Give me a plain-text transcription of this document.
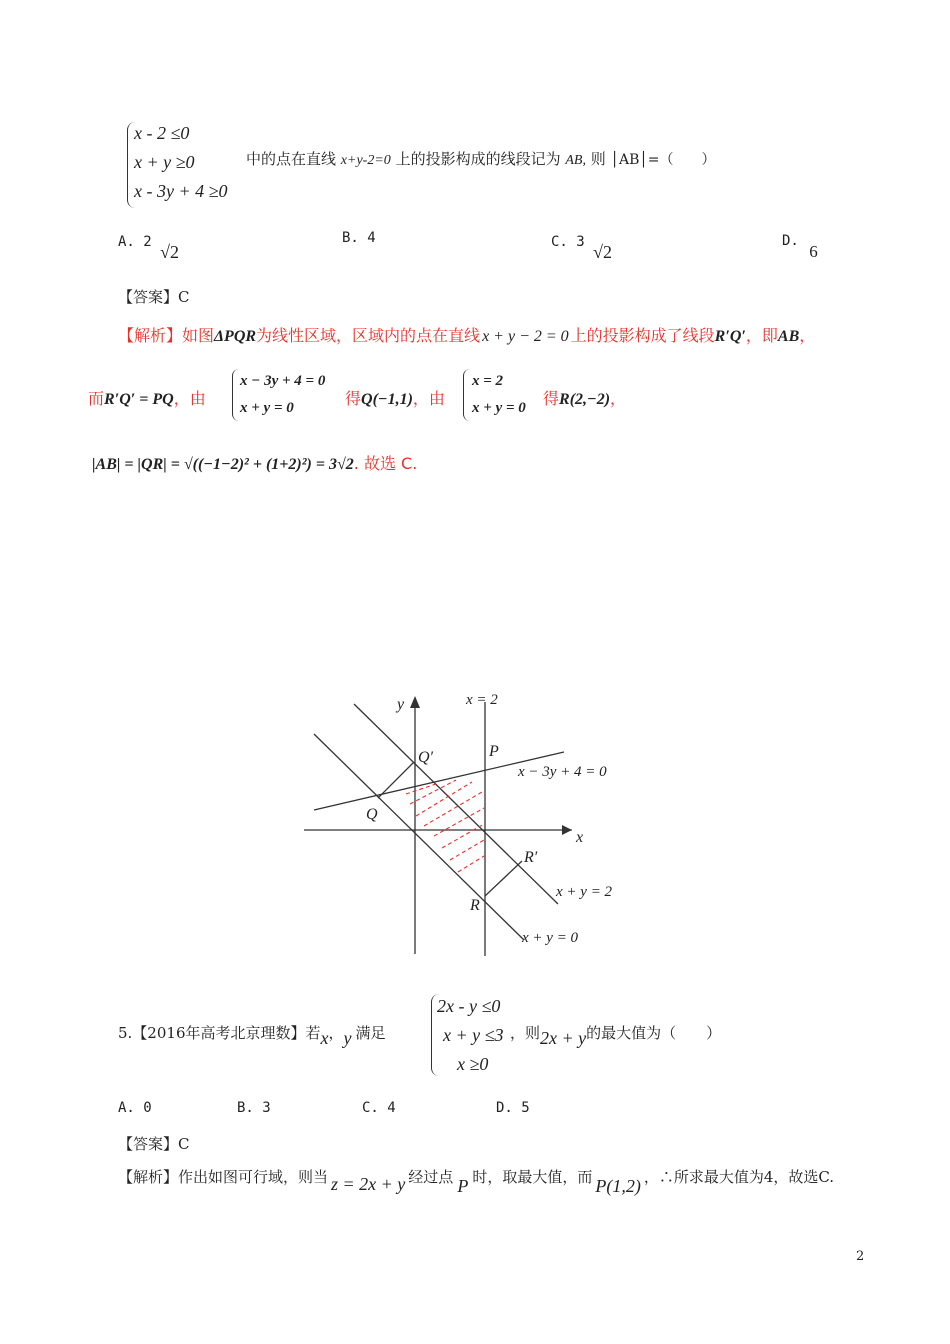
x - 2 ≤0
x + y ≥0
x - 3y + 4 ≥0
中的点在直线 x+y-2=0 上的投影构成的线段记为 AB, 则 │AB│=（　　）
A. 2 √2
B. 4	C. 3 √2
D. 6
【答案】C
【解析】如图ΔPQR为线性区域，区域内的点在直线 x + y − 2 = 0 上的投影构成了线段R′Q′，即AB，
而R′Q′ = PQ，由
x − 3y + 4 = 0
x + y = 0	得Q(−1,1)，由
x = 2
x + y = 0 得R(2,−2)，
|AB| = |QR| = √((−1−2)² + (1+2)²) = 3√2. 故选 C.
y
x
x = 2
P
Q′
Q
R′
R
x − 3y + 4 = 0
x + y = 2
x + y = 0
5.【2016年高考北京理数】若x，y 满足
2x - y ≤0
x + y ≤3
x ≥0
，则2x + y的最大值为（　　）
A. 0	B. 3	C. 4	D. 5
【答案】C
【解析】作出如图可行域，则当 z = 2x + y 经过点 P 时，取最大值，而 P(1,2) ，∴所求最大值为4，故选C.
2
